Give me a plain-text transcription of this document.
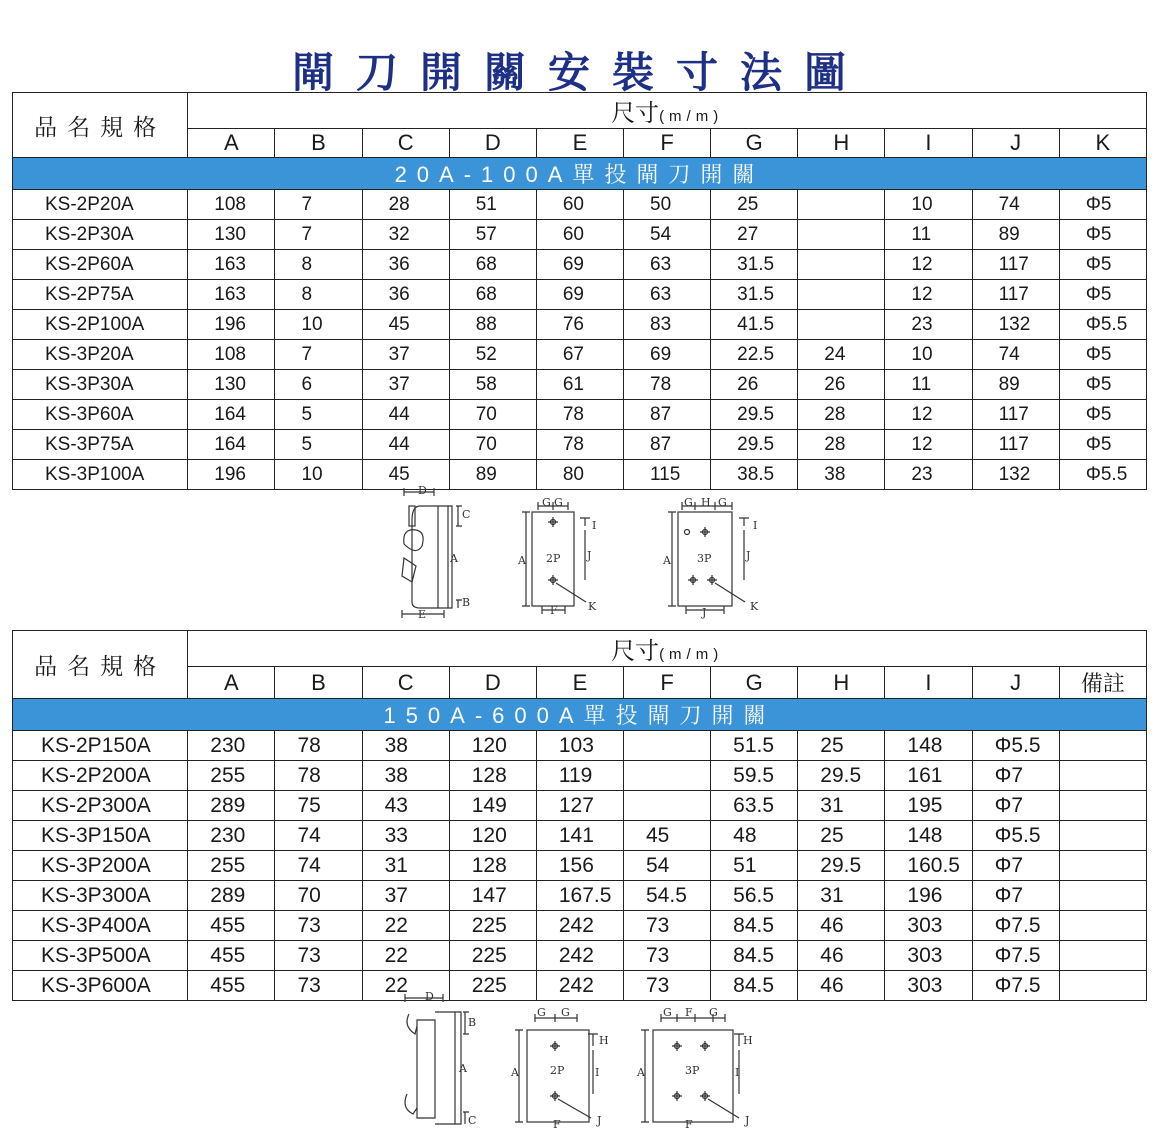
閘刀開關安裝寸法圖
品名規格	尺寸(m/m)										
	A	B	C	D	E	F	G	H	I	J	K
20A-100A單投閘刀開關											
KS-2P20A	108	7	28	51	60	50	25		10	74	Φ5
KS-2P30A	130	7	32	57	60	54	27		11	89	Φ5
KS-2P60A	163	8	36	68	69	63	31.5		12	117	Φ5
KS-2P75A	163	8	36	68	69	63	31.5		12	117	Φ5
KS-2P100A	196	10	45	88	76	83	41.5		23	132	Φ5.5
KS-3P20A	108	7	37	52	67	69	22.5	24	10	74	Φ5
KS-3P30A	130	6	37	58	61	78	26	26	11	89	Φ5
KS-3P60A	164	5	44	70	78	87	29.5	28	12	117	Φ5
KS-3P75A	164	5	44	70	78	87	29.5	28	12	117	Φ5
KS-3P100A	196	10	45	89	80	115	38.5	38	23	132	Φ5.5
D
C
A
B
E
G G
I
J
A 2P
F	K
G H G
I
J
A 3P
J	K
品名規格	尺寸(m/m)										
	A	B	C	D	E	F	G	H	I	J	備註
150A-600A單投閘刀開關											
KS-2P150A	230	78	38	120	103		51.5	25	148	Φ5.5	
KS-2P200A	255	78	38	128	119		59.5	29.5	161	Φ7	
KS-2P300A	289	75	43	149	127		63.5	31	195	Φ7	
KS-3P150A	230	74	33	120	141	45	48	25	148	Φ5.5	
KS-3P200A	255	74	31	128	156	54	51	29.5	160.5	Φ7	
KS-3P300A	289	70	37	147	167.5	54.5	56.5	31	196	Φ7	
KS-3P400A	455	73	22	225	242	73	84.5	46	303	Φ7.5	
KS-3P500A	455	73	22	225	242	73	84.5	46	303	Φ7.5	
KS-3P600A	455	73	22	225	242	73	84.5	46	303	Φ7.5	
D
B
A
C
G G
H
A	2P	I
F	J
G F G
H
A	3P	I
F	J
